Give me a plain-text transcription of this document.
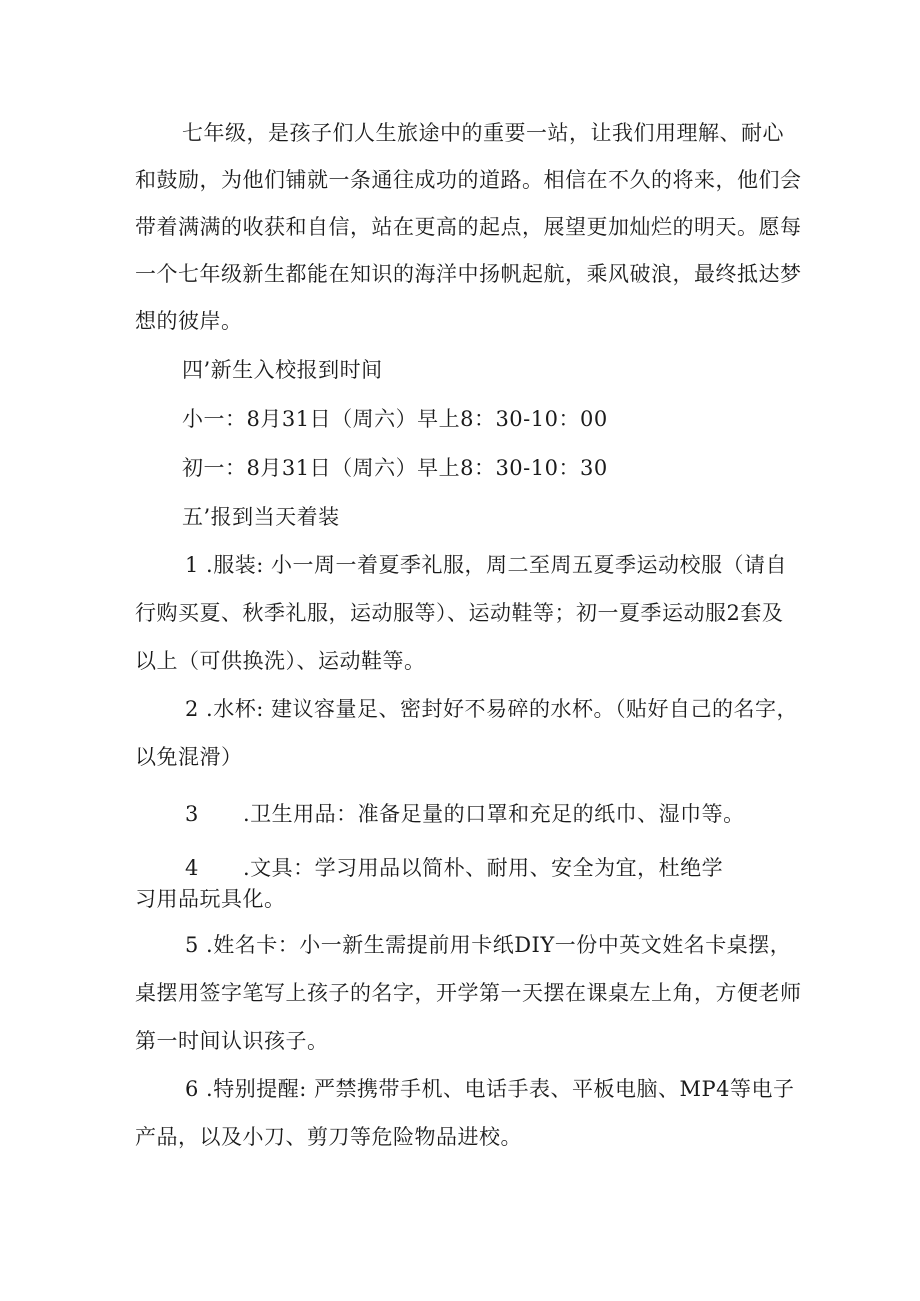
七年级，是孩子们人生旅途中的重要一站，让我们用理解、耐心
和鼓励，为他们铺就一条通往成功的道路。相信在不久的将来，他们会
带着满满的收获和自信，站在更高的起点，展望更加灿烂的明天。愿每
一个七年级新生都能在知识的海洋中扬帆起航，乘风破浪，最终抵达梦
想的彼岸。
四’新生入校报到时间
小一：8月31日（周六）早上8：30-10：00
初一：8月31日（周六）早上8：30-10：30
五’报到当天着装
1 .服装: 小一周一着夏季礼服，周二至周五夏季运动校服（请自
行购买夏、秋季礼服，运动服等）、运动鞋等；初一夏季运动服2套及
以上（可供换洗）、运动鞋等。
2 .水杯: 建议容量足、密封好不易碎的水杯。（贴好自己的名字，
以免混滑）
3 .卫生用品：准备足量的口罩和充足的纸巾、湿巾等。
4 .文具：学习用品以简朴、耐用、安全为宜，杜绝学
习用品玩具化。
5 .姓名卡：小一新生需提前用卡纸DIY一份中英文姓名卡桌摆，
桌摆用签字笔写上孩子的名字，开学第一天摆在课桌左上角，方便老师
第一时间认识孩子。
6 .特别提醒: 严禁携带手机、电话手表、平板电脑、MP4等电子
产品，以及小刀、剪刀等危险物品进校。
